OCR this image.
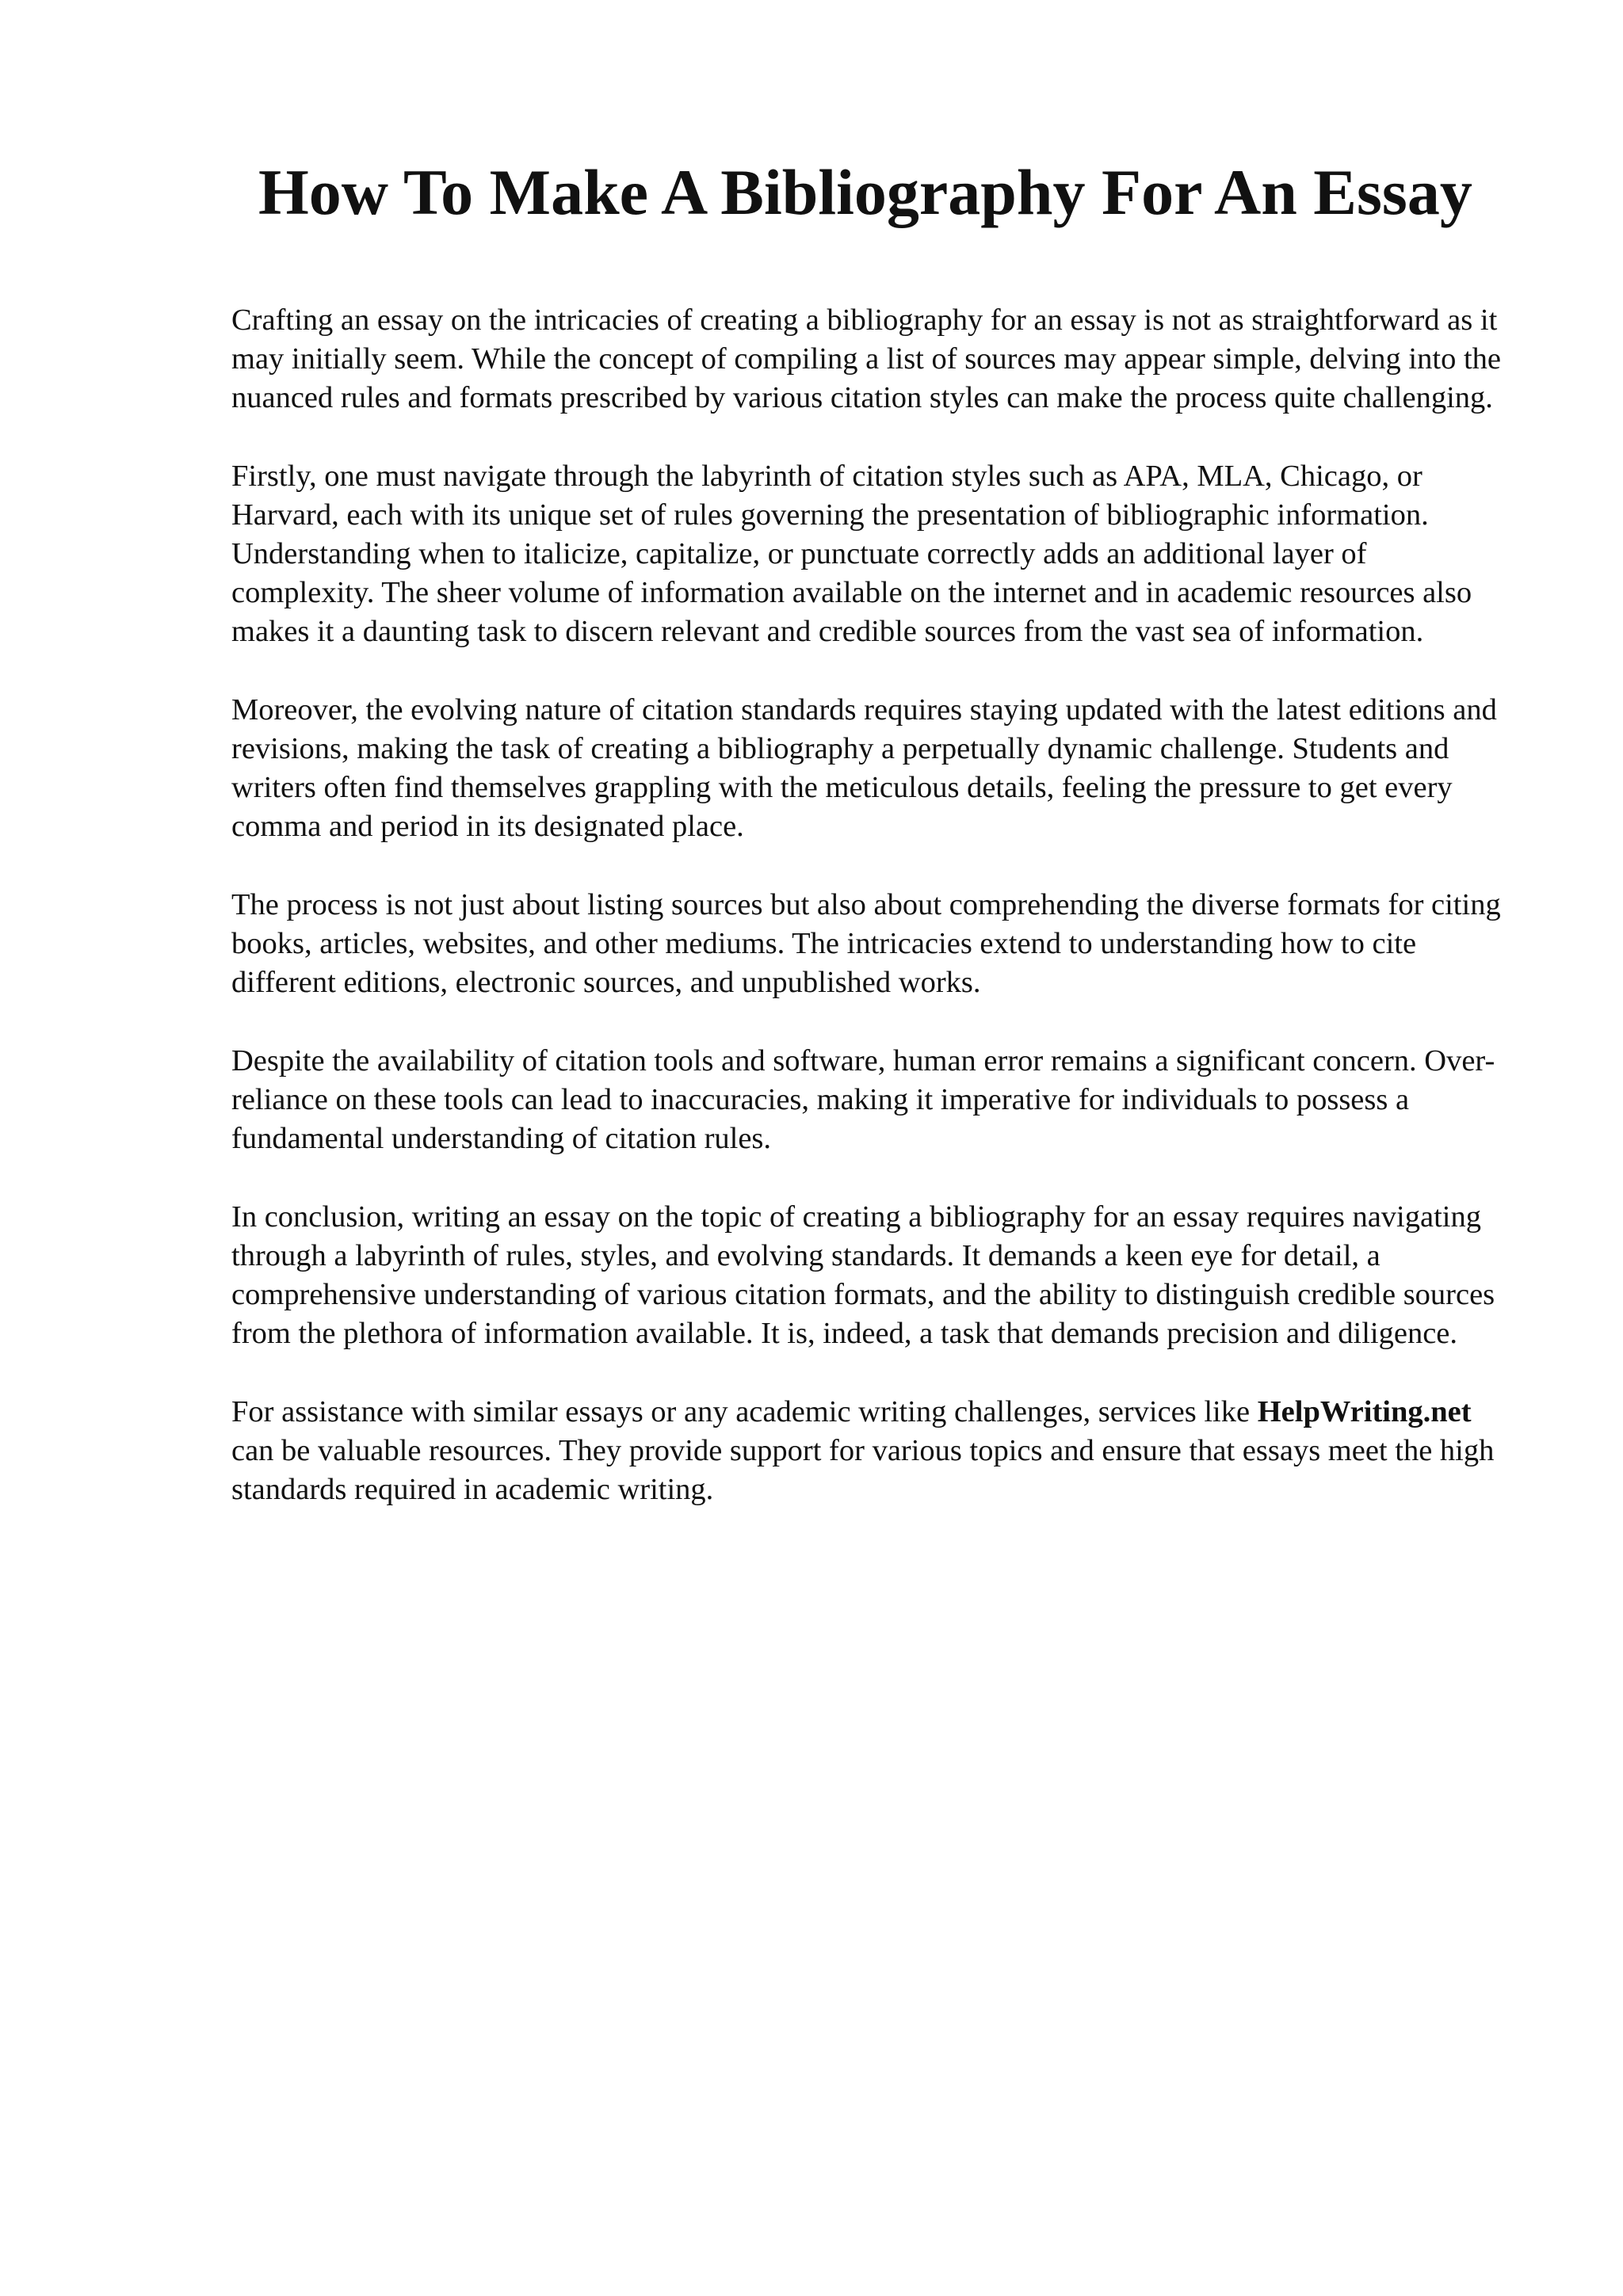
How To Make A Bibliography For An Essay

Crafting an essay on the intricacies of creating a bibliography for an essay is not as straightforward as it may initially seem. While the concept of compiling a list of sources may appear simple, delving into the nuanced rules and formats prescribed by various citation styles can make the process quite challenging.

Firstly, one must navigate through the labyrinth of citation styles such as APA, MLA, Chicago, or Harvard, each with its unique set of rules governing the presentation of bibliographic information. Understanding when to italicize, capitalize, or punctuate correctly adds an additional layer of complexity. The sheer volume of information available on the internet and in academic resources also makes it a daunting task to discern relevant and credible sources from the vast sea of information.

Moreover, the evolving nature of citation standards requires staying updated with the latest editions and revisions, making the task of creating a bibliography a perpetually dynamic challenge. Students and writers often find themselves grappling with the meticulous details, feeling the pressure to get every comma and period in its designated place.

The process is not just about listing sources but also about comprehending the diverse formats for citing books, articles, websites, and other mediums. The intricacies extend to understanding how to cite different editions, electronic sources, and unpublished works.

Despite the availability of citation tools and software, human error remains a significant concern. Over-reliance on these tools can lead to inaccuracies, making it imperative for individuals to possess a fundamental understanding of citation rules.

In conclusion, writing an essay on the topic of creating a bibliography for an essay requires navigating through a labyrinth of rules, styles, and evolving standards. It demands a keen eye for detail, a comprehensive understanding of various citation formats, and the ability to distinguish credible sources from the plethora of information available. It is, indeed, a task that demands precision and diligence.

For assistance with similar essays or any academic writing challenges, services like HelpWriting.net can be valuable resources. They provide support for various topics and ensure that essays meet the high standards required in academic writing.
